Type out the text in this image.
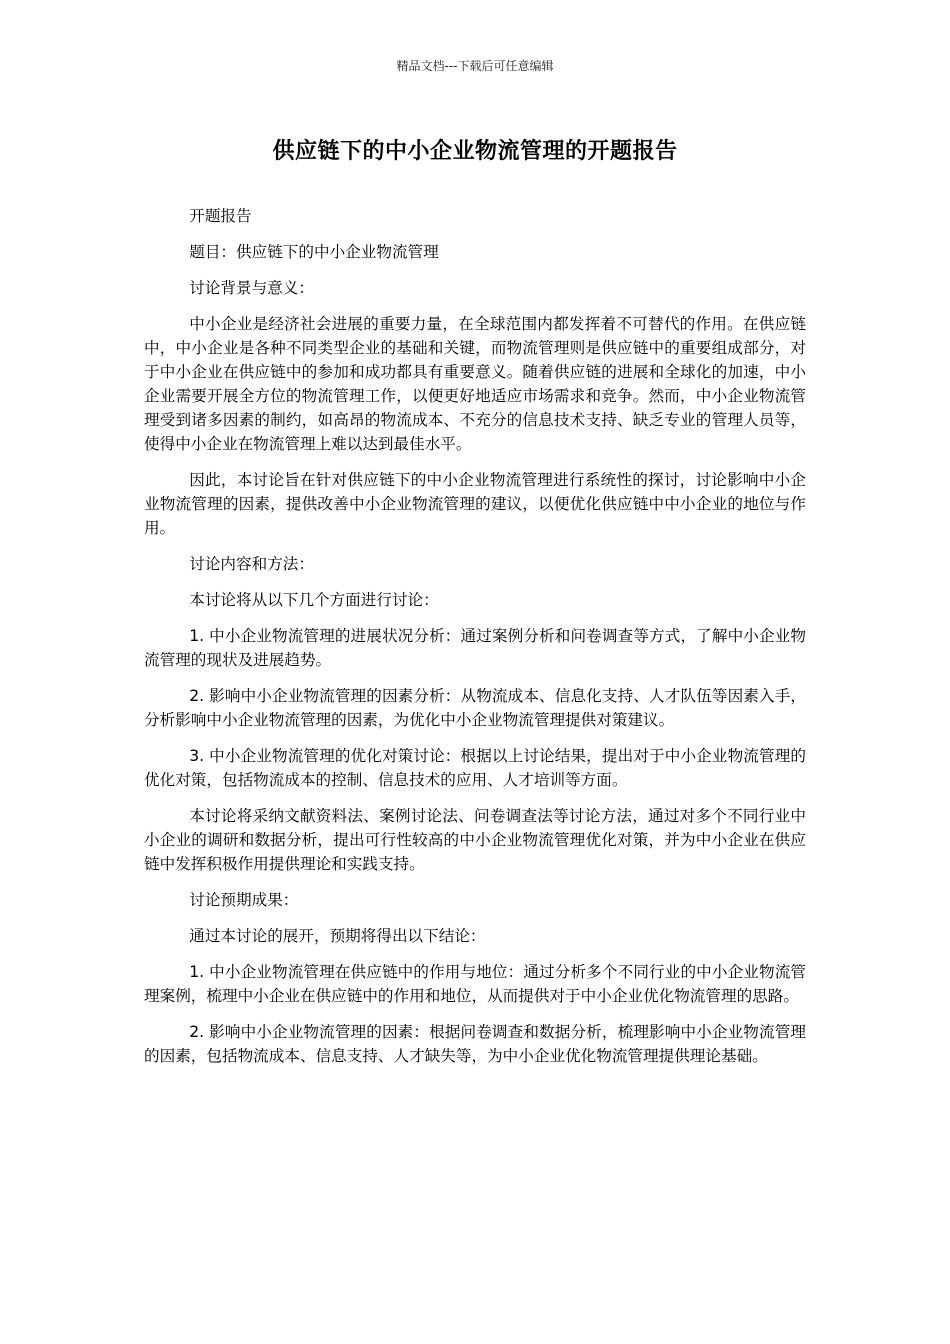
精品文档---下载后可任意编辑
供应链下的中小企业物流管理的开题报告

开题报告

题目：供应链下的中小企业物流管理

讨论背景与意义：

中小企业是经济社会进展的重要力量，在全球范围内都发挥着不可替代的作用。在供应链中，中小企业是各种不同类型企业的基础和关键，而物流管理则是供应链中的重要组成部分，对于中小企业在供应链中的参加和成功都具有重要意义。随着供应链的进展和全球化的加速，中小企业需要开展全方位的物流管理工作，以便更好地适应市场需求和竞争。然而，中小企业物流管理受到诸多因素的制约，如高昂的物流成本、不充分的信息技术支持、缺乏专业的管理人员等，使得中小企业在物流管理上难以达到最佳水平。

因此，本讨论旨在针对供应链下的中小企业物流管理进行系统性的探讨，讨论影响中小企业物流管理的因素，提供改善中小企业物流管理的建议，以便优化供应链中中小企业的地位与作用。

讨论内容和方法：

本讨论将从以下几个方面进行讨论：

1. 中小企业物流管理的进展状况分析：通过案例分析和问卷调查等方式，了解中小企业物流管理的现状及进展趋势。

2. 影响中小企业物流管理的因素分析：从物流成本、信息化支持、人才队伍等因素入手，分析影响中小企业物流管理的因素，为优化中小企业物流管理提供对策建议。

3. 中小企业物流管理的优化对策讨论：根据以上讨论结果，提出对于中小企业物流管理的优化对策，包括物流成本的控制、信息技术的应用、人才培训等方面。

本讨论将采纳文献资料法、案例讨论法、问卷调查法等讨论方法，通过对多个不同行业中小企业的调研和数据分析，提出可行性较高的中小企业物流管理优化对策，并为中小企业在供应链中发挥积极作用提供理论和实践支持。

讨论预期成果：

通过本讨论的展开，预期将得出以下结论：

1. 中小企业物流管理在供应链中的作用与地位：通过分析多个不同行业的中小企业物流管理案例，梳理中小企业在供应链中的作用和地位，从而提供对于中小企业优化物流管理的思路。

2. 影响中小企业物流管理的因素：根据问卷调查和数据分析，梳理影响中小企业物流管理的因素，包括物流成本、信息支持、人才缺失等，为中小企业优化物流管理提供理论基础。
